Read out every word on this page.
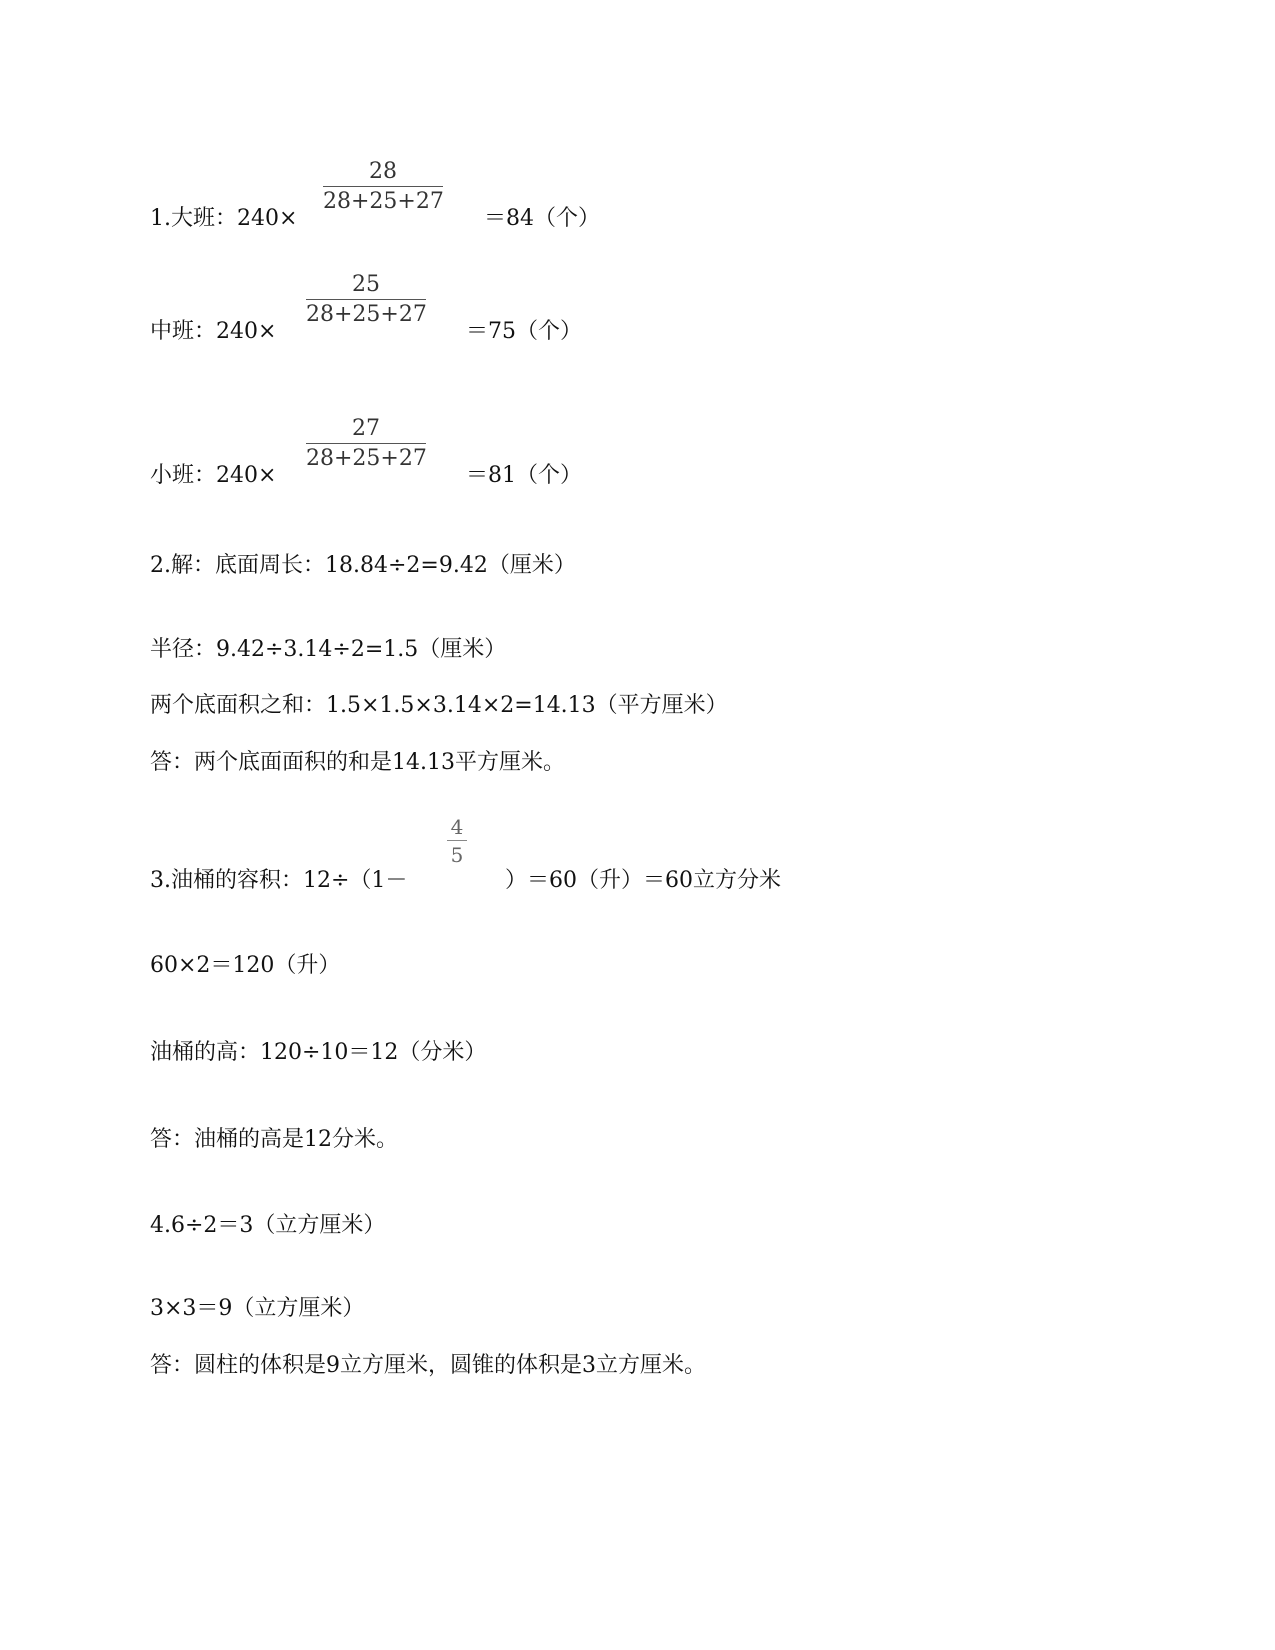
28
28+25+27
1.大班：240×	＝84（个）
25
28+25+27
中班：240×	＝75（个）
27
28+25+27
小班：240×	＝81（个）
2.解：底面周长：18.84÷2=9.42（厘米）
半径：9.42÷3.14÷2=1.5（厘米）
两个底面积之和：1.5×1.5×3.14×2=14.13（平方厘米）
答：两个底面面积的和是14.13平方厘米。
4
5
3.油桶的容积：12÷（1－	）＝60（升）＝60立方分米
60×2＝120（升）
油桶的高：120÷10＝12（分米）
答：油桶的高是12分米。
4.6÷2＝3（立方厘米）
3×3＝9（立方厘米）
答：圆柱的体积是9立方厘米，圆锥的体积是3立方厘米。
